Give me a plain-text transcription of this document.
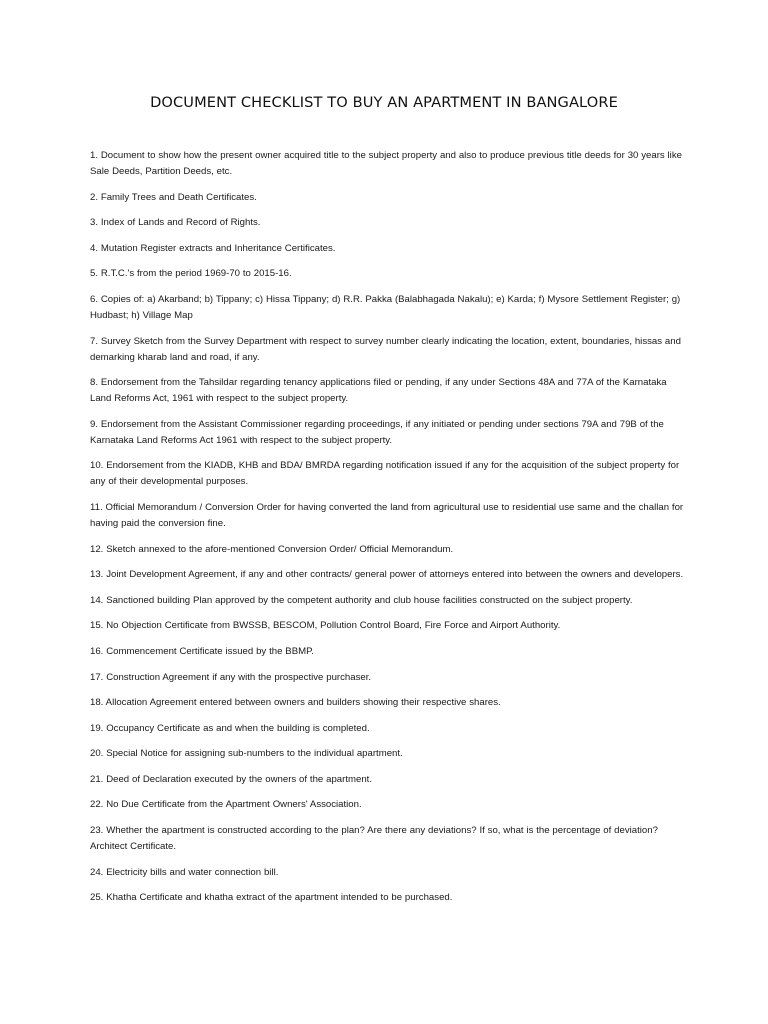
DOCUMENT CHECKLIST TO BUY AN APARTMENT IN BANGALORE
1. Document to show how the present owner acquired title to the subject property and also to produce previous title deeds for 30 years like Sale Deeds, Partition Deeds, etc.
2. Family Trees and Death Certificates.
3. Index of Lands and Record of Rights.
4. Mutation Register extracts and Inheritance Certificates.
5. R.T.C.'s from the period 1969-70 to 2015-16.
6. Copies of: a) Akarband; b) Tippany; c) Hissa Tippany; d) R.R. Pakka (Balabhagada Nakalu); e) Karda; f) Mysore Settlement Register; g) Hudbast; h) Village Map
7. Survey Sketch from the Survey Department with respect to survey number clearly indicating the location, extent, boundaries, hissas and demarking kharab land and road, if any.
8. Endorsement from the Tahsildar regarding tenancy applications filed or pending, if any under Sections 48A and 77A of the Karnataka Land Reforms Act, 1961 with respect to the subject property.
9. Endorsement from the Assistant Commissioner regarding proceedings, if any initiated or pending under sections 79A and 79B of the Karnataka Land Reforms Act 1961 with respect to the subject property.
10. Endorsement from the KIADB, KHB and BDA/ BMRDA regarding notification issued if any for the acquisition of the subject property for any of their developmental purposes.
11. Official Memorandum / Conversion Order for having converted the land from agricultural use to residential use same and the challan for having paid the conversion fine.
12. Sketch annexed to the afore-mentioned Conversion Order/ Official Memorandum.
13. Joint Development Agreement, if any and other contracts/ general power of attorneys entered into between the owners and developers.
14. Sanctioned building Plan approved by the competent authority and club house facilities constructed on the subject property.
15. No Objection Certificate from BWSSB, BESCOM, Pollution Control Board, Fire Force and Airport Authority.
16. Commencement Certificate issued by the BBMP.
17. Construction Agreement if any with the prospective purchaser.
18. Allocation Agreement entered between owners and builders showing their respective shares.
19. Occupancy Certificate as and when the building is completed.
20. Special Notice for assigning sub-numbers to the individual apartment.
21. Deed of Declaration executed by the owners of the apartment.
22. No Due Certificate from the Apartment Owners' Association.
23. Whether the apartment is constructed according to the plan? Are there any deviations? If so, what is the percentage of deviation? Architect Certificate.
24. Electricity bills and water connection bill.
25. Khatha Certificate and khatha extract of the apartment intended to be purchased.
